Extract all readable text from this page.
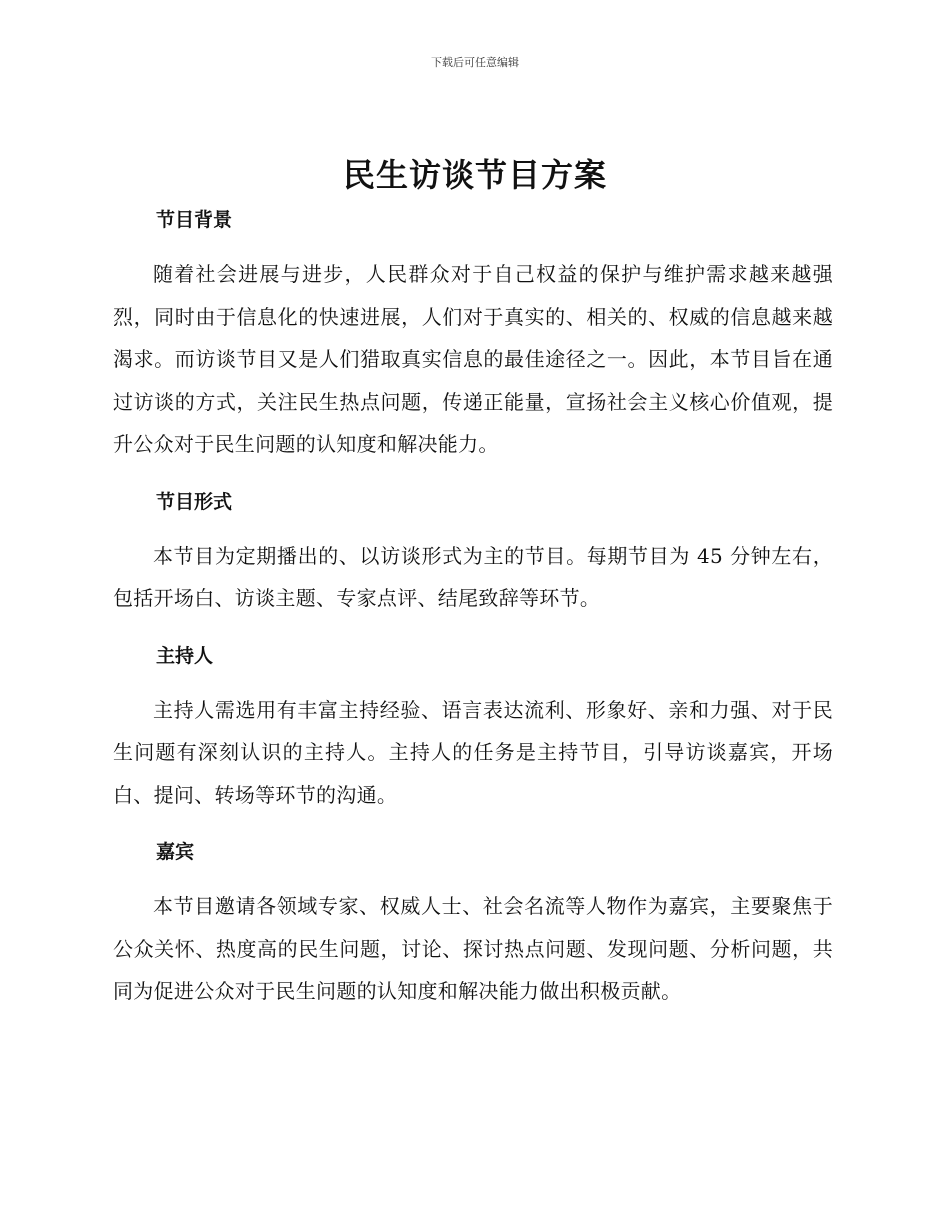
下载后可任意编辑
民生访谈节目方案
节目背景

随着社会进展与进步，人民群众对于自己权益的保护与维护需求越来越强烈，同时由于信息化的快速进展，人们对于真实的、相关的、权威的信息越来越渴求。而访谈节目又是人们猎取真实信息的最佳途径之一。因此，本节目旨在通过访谈的方式，关注民生热点问题，传递正能量，宣扬社会主义核心价值观，提升公众对于民生问题的认知度和解决能力。

节目形式

本节目为定期播出的、以访谈形式为主的节目。每期节目为 45 分钟左右，包括开场白、访谈主题、专家点评、结尾致辞等环节。

主持人

主持人需选用有丰富主持经验、语言表达流利、形象好、亲和力强、对于民生问题有深刻认识的主持人。主持人的任务是主持节目，引导访谈嘉宾，开场白、提问、转场等环节的沟通。

嘉宾

本节目邀请各领域专家、权威人士、社会名流等人物作为嘉宾，主要聚焦于公众关怀、热度高的民生问题，讨论、探讨热点问题、发现问题、分析问题，共同为促进公众对于民生问题的认知度和解决能力做出积极贡献。
